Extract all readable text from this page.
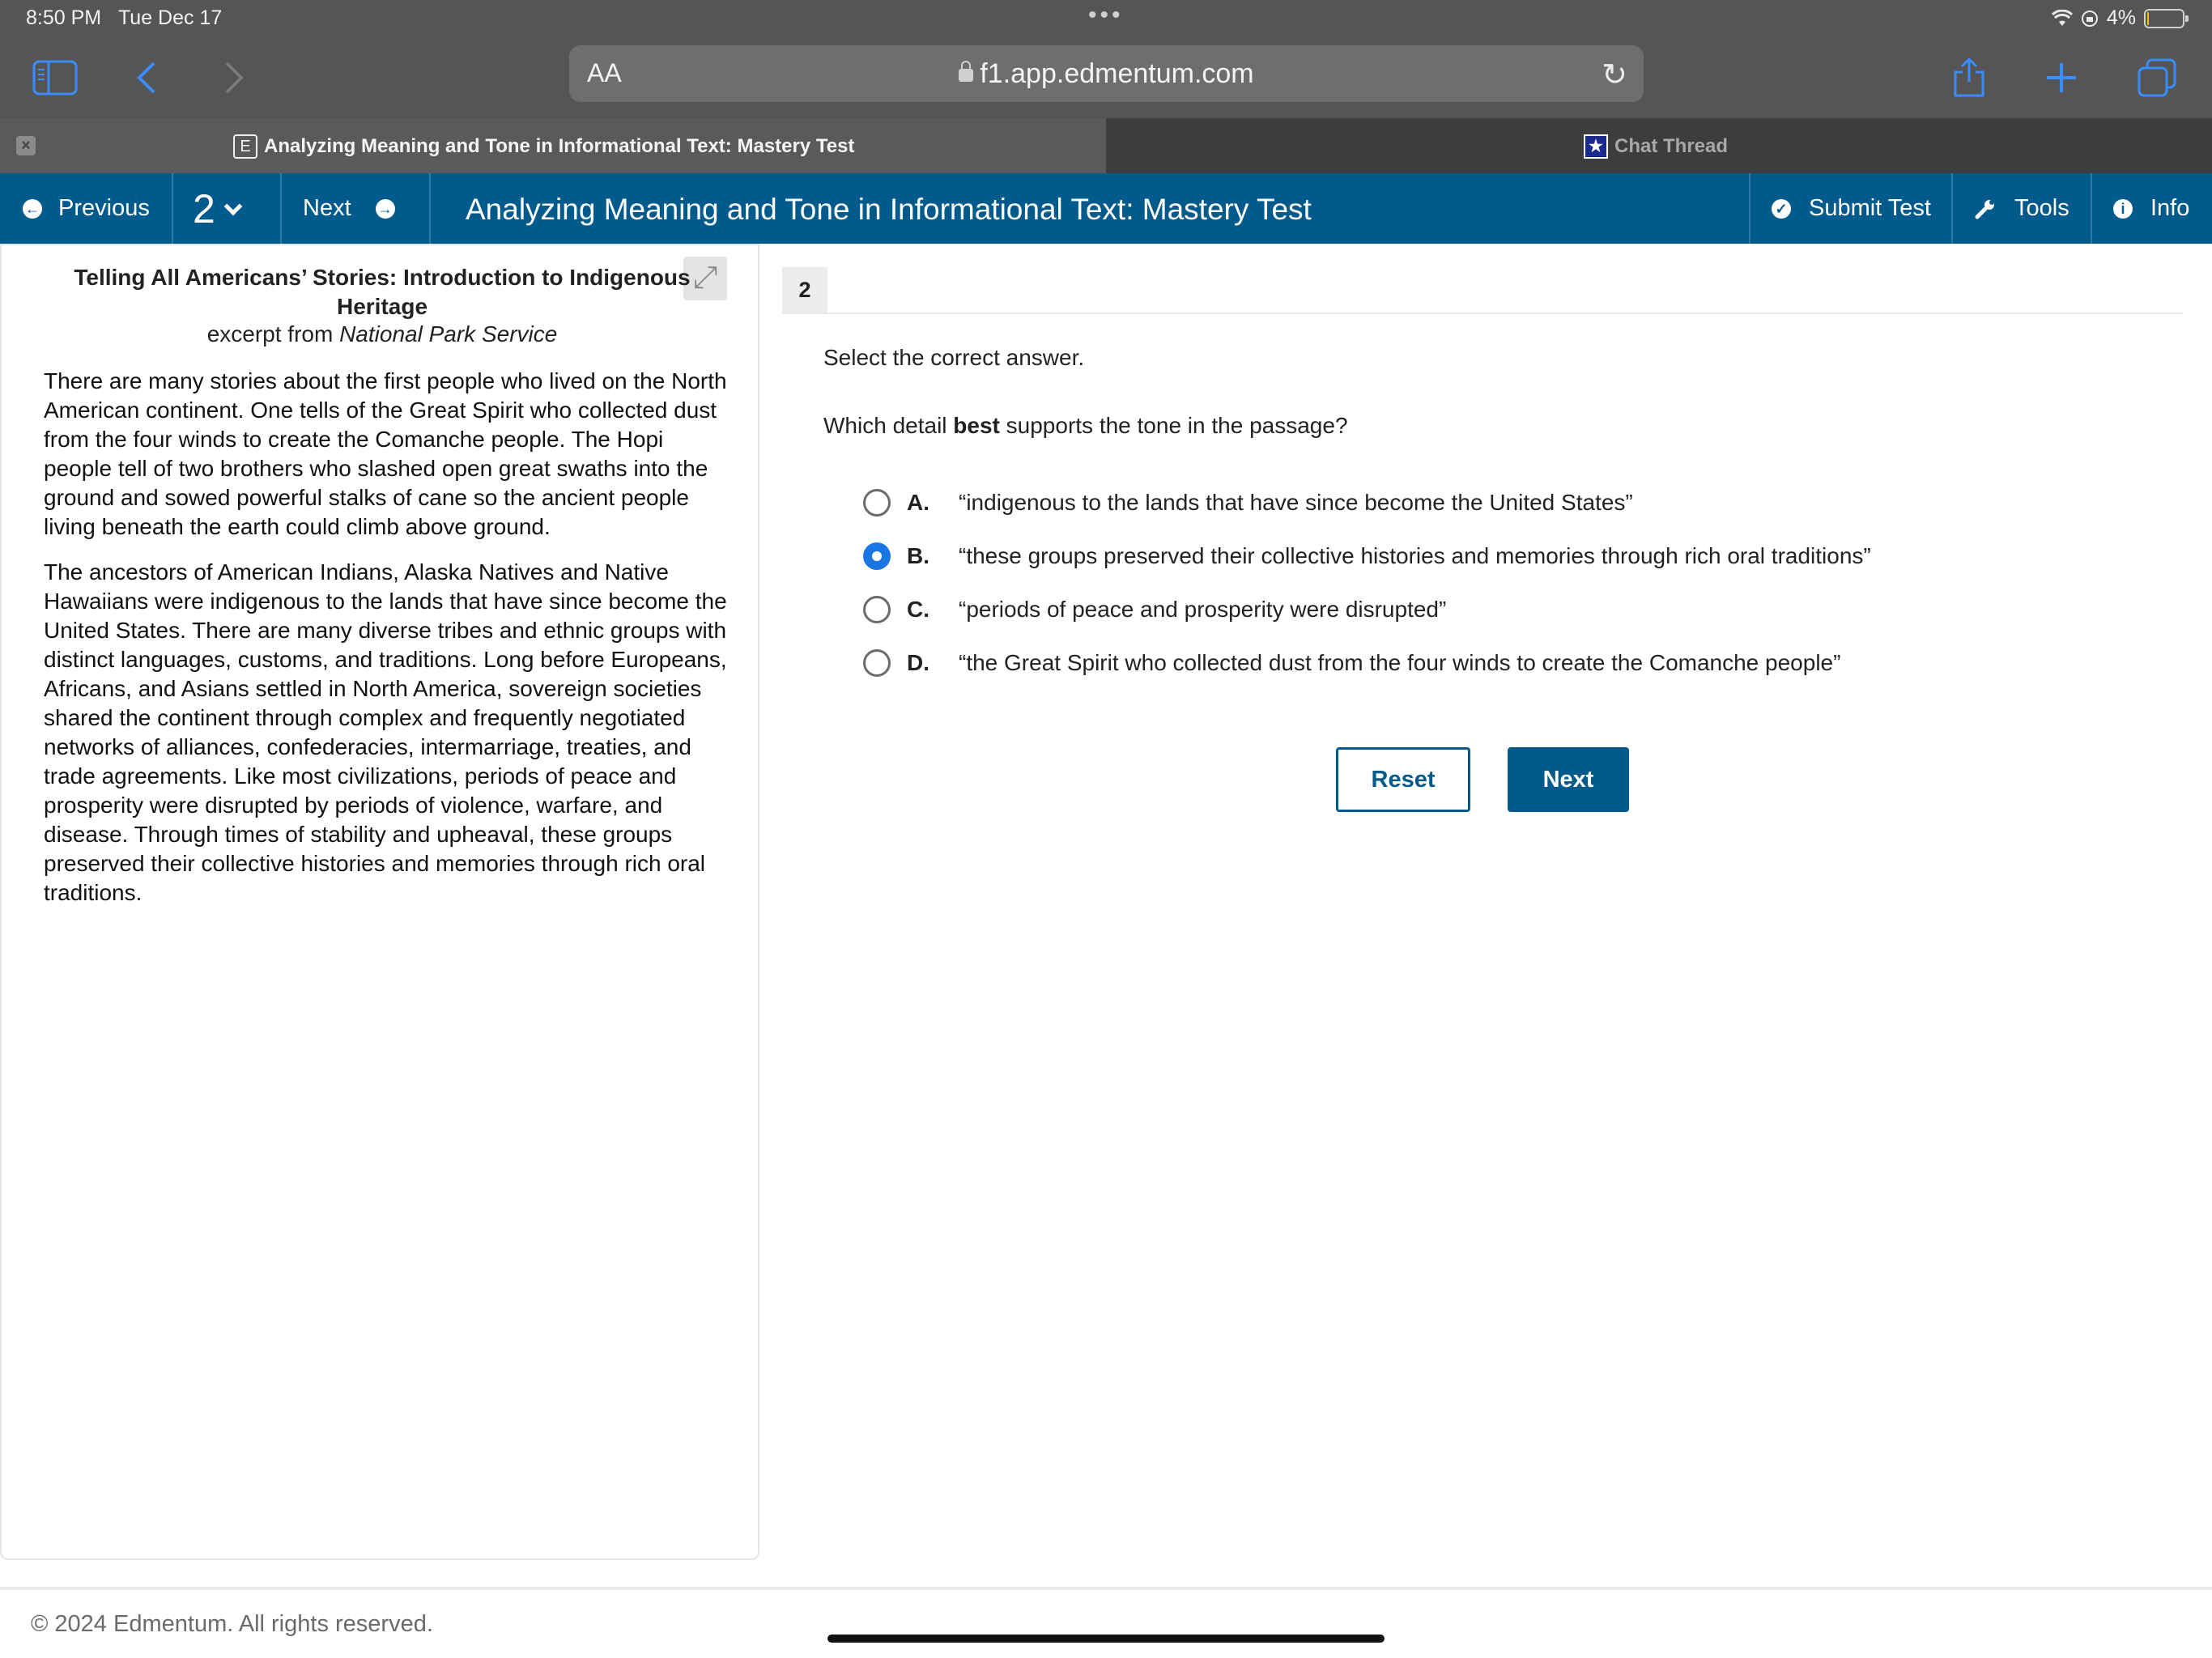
8:50 PM Tue Dec 17	•••	4%
AA	f1.app.edmentum.com	↻
×	E Analyzing Meaning and Tone in Informational Text: Mastery Test	★ Chat Thread
← Previous 2	Next → Analyzing Meaning and Tone in Informational Text: Mastery Test	✓ Submit Test	Tools	i	Info
⤢
Telling All Americans’ Stories: Introduction to Indigenous Heritage
excerpt from National Park Service

There are many stories about the first people who lived on the North American continent. One tells of the Great Spirit who collected dust from the four winds to create the Comanche people. The Hopi people tell of two brothers who slashed open great swaths into the ground and sowed powerful stalks of cane so the ancient people living beneath the earth could climb above ground.

The ancestors of American Indians, Alaska Natives and Native Hawaiians were indigenous to the lands that have since become the United States. There are many diverse tribes and ethnic groups with distinct languages, customs, and traditions. Long before Europeans, Africans, and Asians settled in North America, sovereign societies shared the continent through complex and frequently negotiated networks of alliances, confederacies, intermarriage, treaties, and trade agreements. Like most civilizations, periods of peace and prosperity were disrupted by periods of violence, warfare, and disease. Through times of stability and upheaval, these groups preserved their collective histories and memories through rich oral traditions.

2
Select the correct answer.
Which detail best supports the tone in the passage?
A.	“indigenous to the lands that have since become the United States”
B.	“these groups preserved their collective histories and memories through rich oral traditions”
C.	“periods of peace and prosperity were disrupted”
D.	“the Great Spirit who collected dust from the four winds to create the Comanche people”
Reset	Next
© 2024 Edmentum. All rights reserved.
